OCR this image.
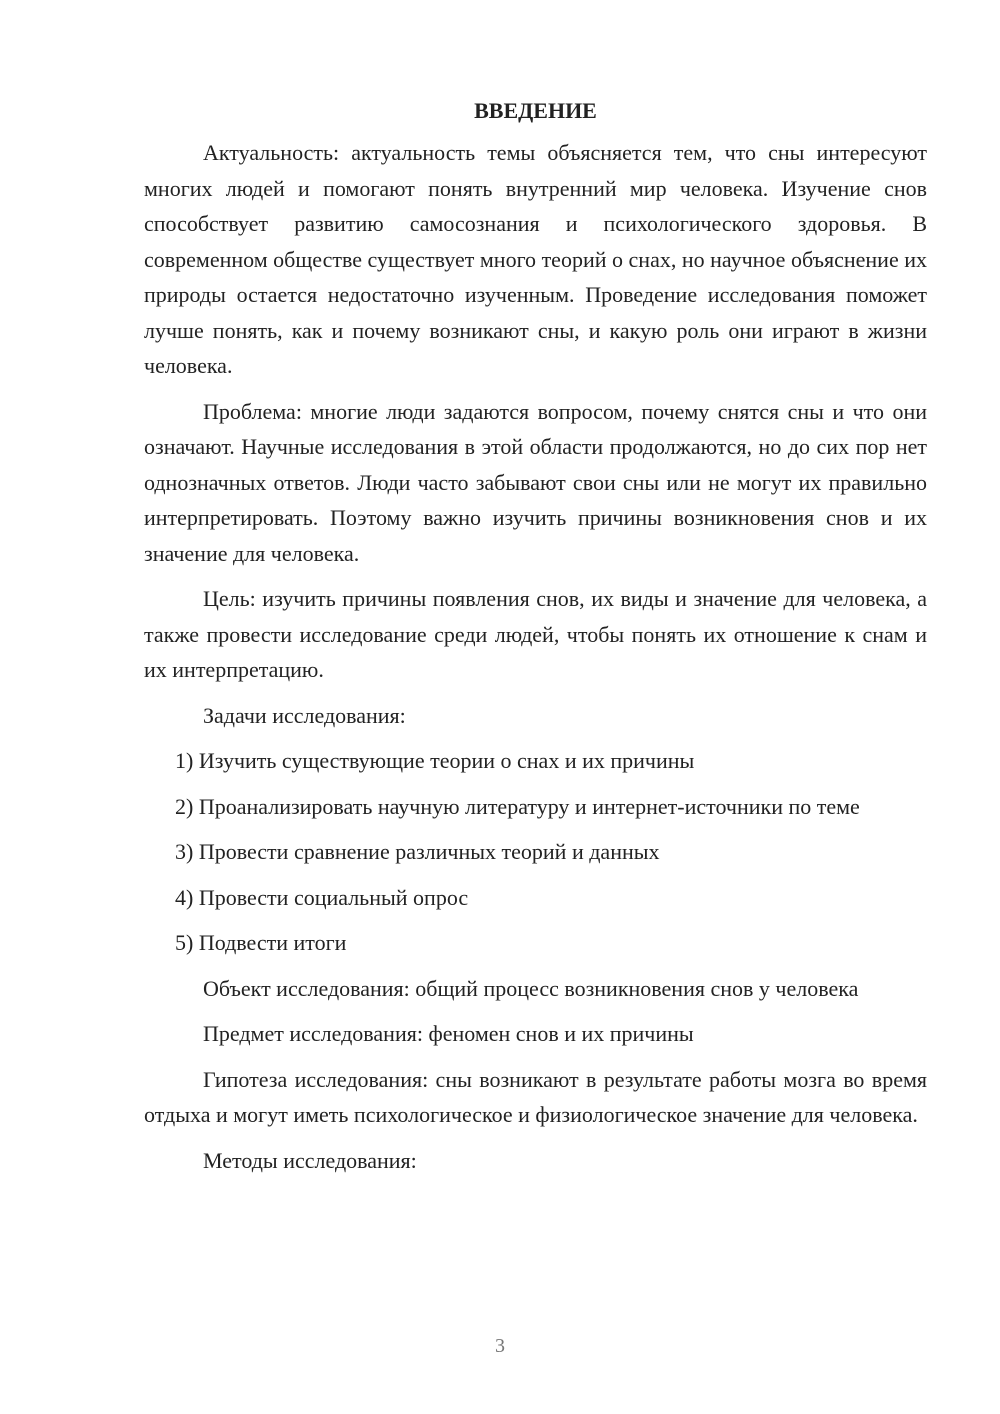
ВВЕДЕНИЕ

Актуальность: актуальность темы объясняется тем, что сны интересуют многих людей и помогают понять внутренний мир человека. Изучение снов способствует развитию самосознания и психологического здоровья. В современном обществе существует много теорий о снах, но научное объяснение их природы остается недостаточно изученным. Проведение исследования поможет лучше понять, как и почему возникают сны, и какую роль они играют в жизни человека.

Проблема: многие люди задаются вопросом, почему снятся сны и что они означают. Научные исследования в этой области продолжаются, но до сих пор нет однозначных ответов. Люди часто забывают свои сны или не могут их правильно интерпретировать. Поэтому важно изучить причины возникновения снов и их значение для человека.

Цель: изучить причины появления снов, их виды и значение для человека, а также провести исследование среди людей, чтобы понять их отношение к снам и их интерпретацию.

Задачи исследования:

1) Изучить существующие теории о снах и их причины

2) Проанализировать научную литературу и интернет-источники по теме

3) Провести сравнение различных теорий и данных

4) Провести социальный опрос

5) Подвести итоги

Объект исследования: общий процесс возникновения снов у человека

Предмет исследования: феномен снов и их причины

Гипотеза исследования: сны возникают в результате работы мозга во время отдыха и могут иметь психологическое и физиологическое значение для человека.

Методы исследования:

3
